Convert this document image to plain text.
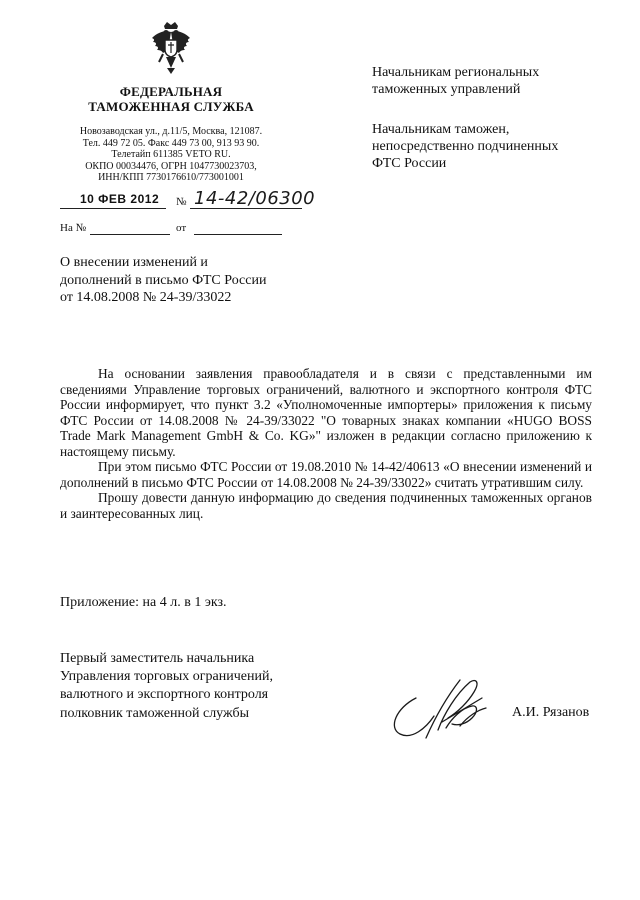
ФЕДЕРАЛЬНАЯ
ТАМОЖЕННАЯ СЛУЖБА
Новозаводская ул., д.11/5, Москва, 121087.
Тел. 449 72 05. Факс 449 73 00, 913 93 90.
Телетайп 611385 VETO RU.
ОКПО 00034476, ОГРН 1047730023703,
ИНН/КПП 7730176610/773001001
10 ФЕВ 2012 № 14-42/06300
На №	от
Начальникам региональных
таможенных управлений
Начальникам таможен,
непосредственно подчиненных
ФТС России
О внесении изменений и
дополнений в письмо ФТС России
от 14.08.2008 № 24-39/33022

На основании заявления правообладателя и в связи с представленными им сведениями Управление торговых ограничений, валютного и экспортного контроля ФТС России информирует, что пункт 3.2 «Уполномоченные импортеры» приложения к письму ФТС России от 14.08.2008 № 24-39/33022 "О товарных знаках компании «HUGO BOSS Trade Mark Management GmbH & Co. KG»" изложен в редакции согласно приложению к настоящему письму.

При этом письмо ФТС России от 19.08.2010 № 14-42/40613 «О внесении изменений и дополнений в письмо ФТС России от 14.08.2008 № 24-39/33022» считать утратившим силу.

Прошу довести данную информацию до сведения подчиненных таможенных органов и заинтересованных лиц.

Приложение: на 4 л. в 1 экз.
Первый заместитель начальника
Управления торговых ограничений,
валютного и экспортного контроля
полковник таможенной службы	А.И. Рязанов
